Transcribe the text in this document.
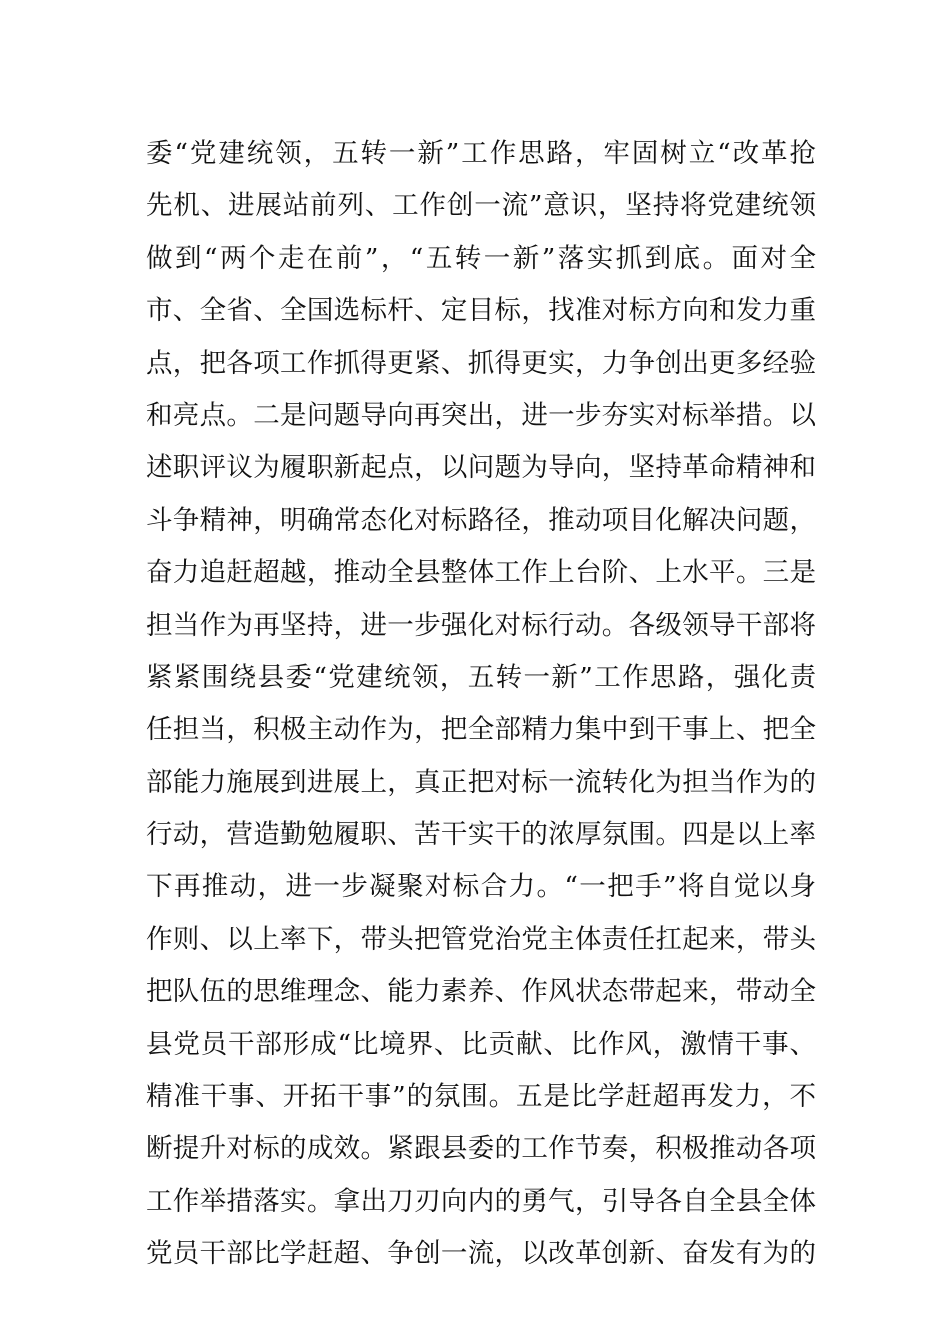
委“党建统领，五转一新”工作思路，牢固树立“改革抢
先机、进展站前列、工作创一流”意识，坚持将党建统领
做到“两个走在前”，“五转一新”落实抓到底。面对全
市、全省、全国选标杆、定目标，找准对标方向和发力重
点，把各项工作抓得更紧、抓得更实，力争创出更多经验
和亮点。二是问题导向再突出，进一步夯实对标举措。以
述职评议为履职新起点，以问题为导向，坚持革命精神和
斗争精神，明确常态化对标路径，推动项目化解决问题，
奋力追赶超越，推动全县整体工作上台阶、上水平。三是
担当作为再坚持，进一步强化对标行动。各级领导干部将
紧紧围绕县委“党建统领，五转一新”工作思路，强化责
任担当，积极主动作为，把全部精力集中到干事上、把全
部能力施展到进展上，真正把对标一流转化为担当作为的
行动，营造勤勉履职、苦干实干的浓厚氛围。四是以上率
下再推动，进一步凝聚对标合力。“一把手”将自觉以身
作则、以上率下，带头把管党治党主体责任扛起来，带头
把队伍的思维理念、能力素养、作风状态带起来，带动全
县党员干部形成“比境界、比贡献、比作风，激情干事、
精准干事、开拓干事”的氛围。五是比学赶超再发力，不
断提升对标的成效。紧跟县委的工作节奏，积极推动各项
工作举措落实。拿出刀刃向内的勇气，引导各自全县全体
党员干部比学赶超、争创一流，以改革创新、奋发有为的
